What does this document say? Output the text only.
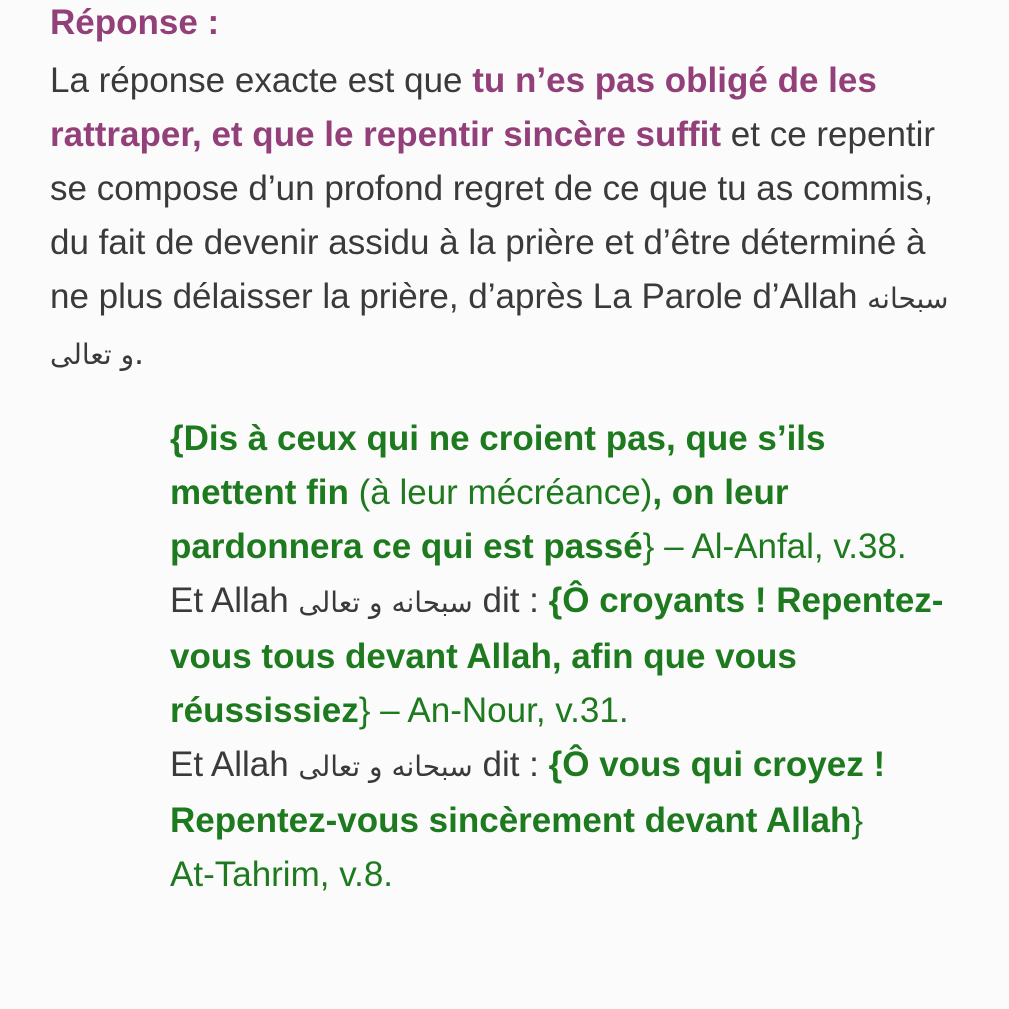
Réponse :

La réponse exacte est que tu n’es pas obligé de les rattraper, et que le repentir sincère suffit et ce repentir se compose d’un profond regret de ce que tu as commis, du fait de devenir assidu à la prière et d’être déterminé à ne plus délaisser la prière, d’après La Parole d’Allah سبحانه و تعالى.

{Dis à ceux qui ne croient pas, que s’ils mettent fin (à leur mécréance), on leur pardonnera ce qui est passé} – Al-Anfal, v.38.

Et Allah سبحانه و تعالى dit : {Ô croyants ! Repentez-vous tous devant Allah, afin que vous réussissiez} – An-Nour, v.31.

Et Allah سبحانه و تعالى dit : {Ô vous qui croyez ! Repentez-vous sincèrement devant Allah}
At-Tahrim, v.8.
